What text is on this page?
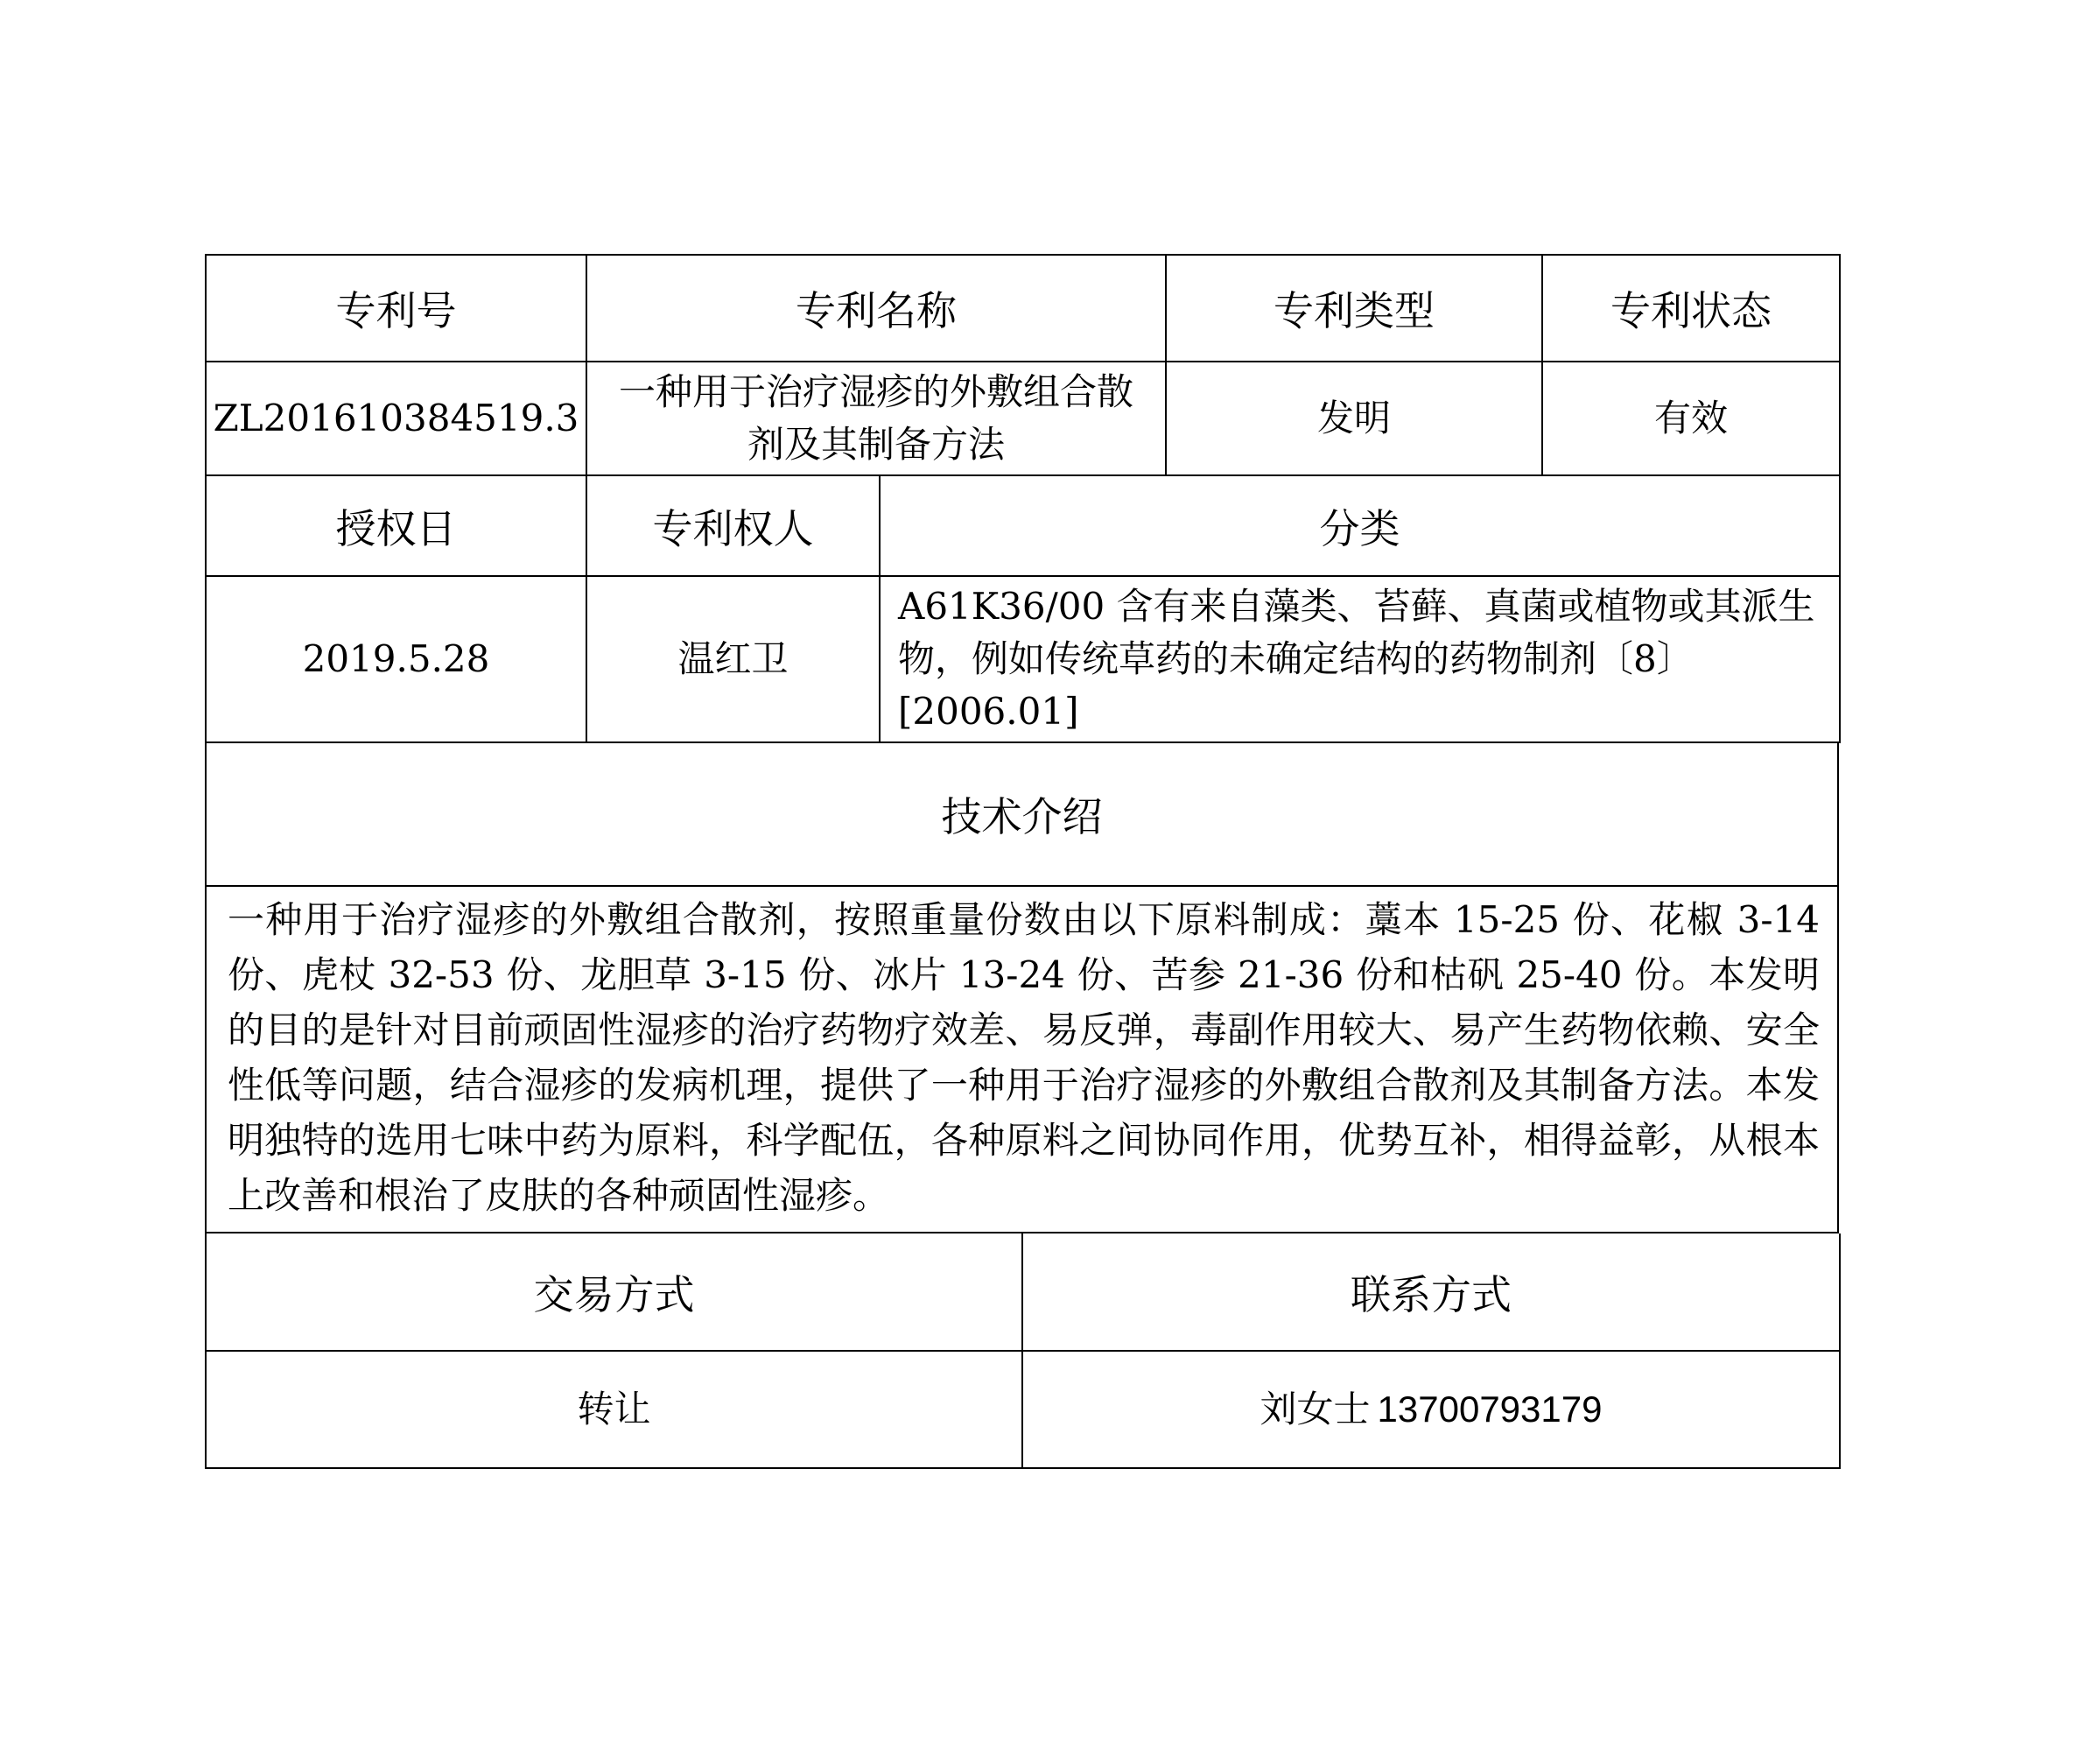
专利号	专利名称	专利类型	专利状态
ZL201610384519.3	一种用于治疗湿疹的外敷组合散剂及其制备方法	发明	有效
授权日	专利权人	分类
2019.5.28	温红卫	A61K36/00 含有来自藻类、苔藓、真菌或植物或其派生物，例如传统草药的未确定结构的药物制剂〔8〕[2006.01]
技术介绍
一种用于治疗湿疹的外敷组合散剂，按照重量份数由以下原料制成：藁本 15-25 份、花椒 3-14 份、虎杖 32-53 份、龙胆草 3-15 份、冰片 13-24 份、苦参 21-36 份和枯矾 25-40 份。本发明的目的是针对目前顽固性湿疹的治疗药物疗效差、易反弹，毒副作用较大、易产生药物依赖、安全性低等问题，结合湿疹的发病机理，提供了一种用于治疗湿疹的外敷组合散剂及其制备方法。本发明独特的选用七味中药为原料，科学配伍，各种原料之间协同作用，优势互补，相得益彰，从根本上改善和根治了皮肤的各种顽固性湿疹。
交易方式	联系方式
转让	刘女士 13700793179
